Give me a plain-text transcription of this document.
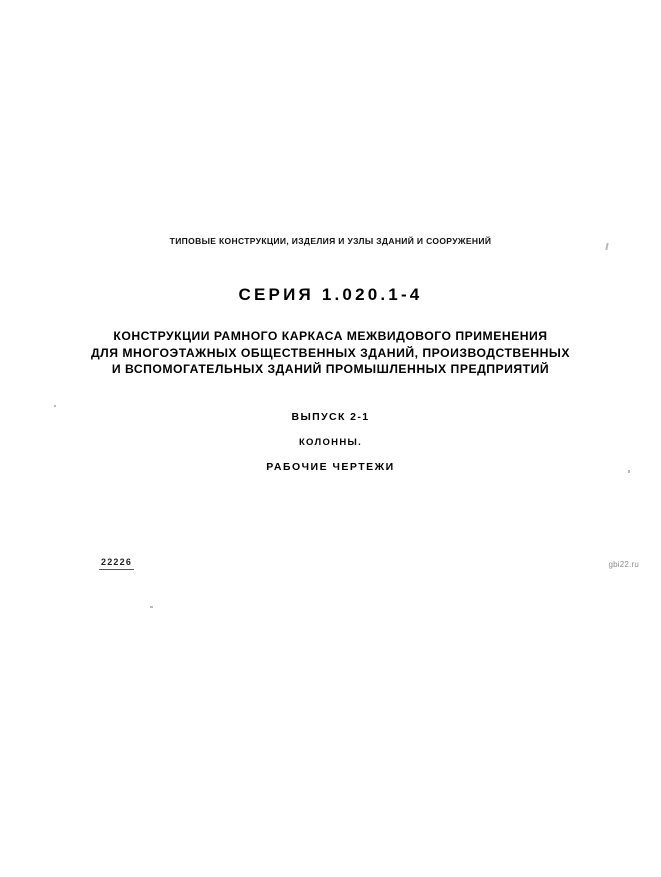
ТИПОВЫЕ КОНСТРУКЦИИ, ИЗДЕЛИЯ И УЗЛЫ ЗДАНИЙ И СООРУЖЕНИЙ
СЕРИЯ 1.020.1-4
КОНСТРУКЦИИ РАМНОГО КАРКАСА МЕЖВИДОВОГО ПРИМЕНЕНИЯ
ДЛЯ МНОГОЭТАЖНЫХ ОБЩЕСТВЕННЫХ ЗДАНИЙ, ПРОИЗВОДСТВЕННЫХ
И ВСПОМОГАТЕЛЬНЫХ ЗДАНИЙ ПРОМЫШЛЕННЫХ ПРЕДПРИЯТИЙ
ВЫПУСК 2-1
КОЛОННЫ.
РАБОЧИЕ ЧЕРТЕЖИ
22226	gbi22.ru
